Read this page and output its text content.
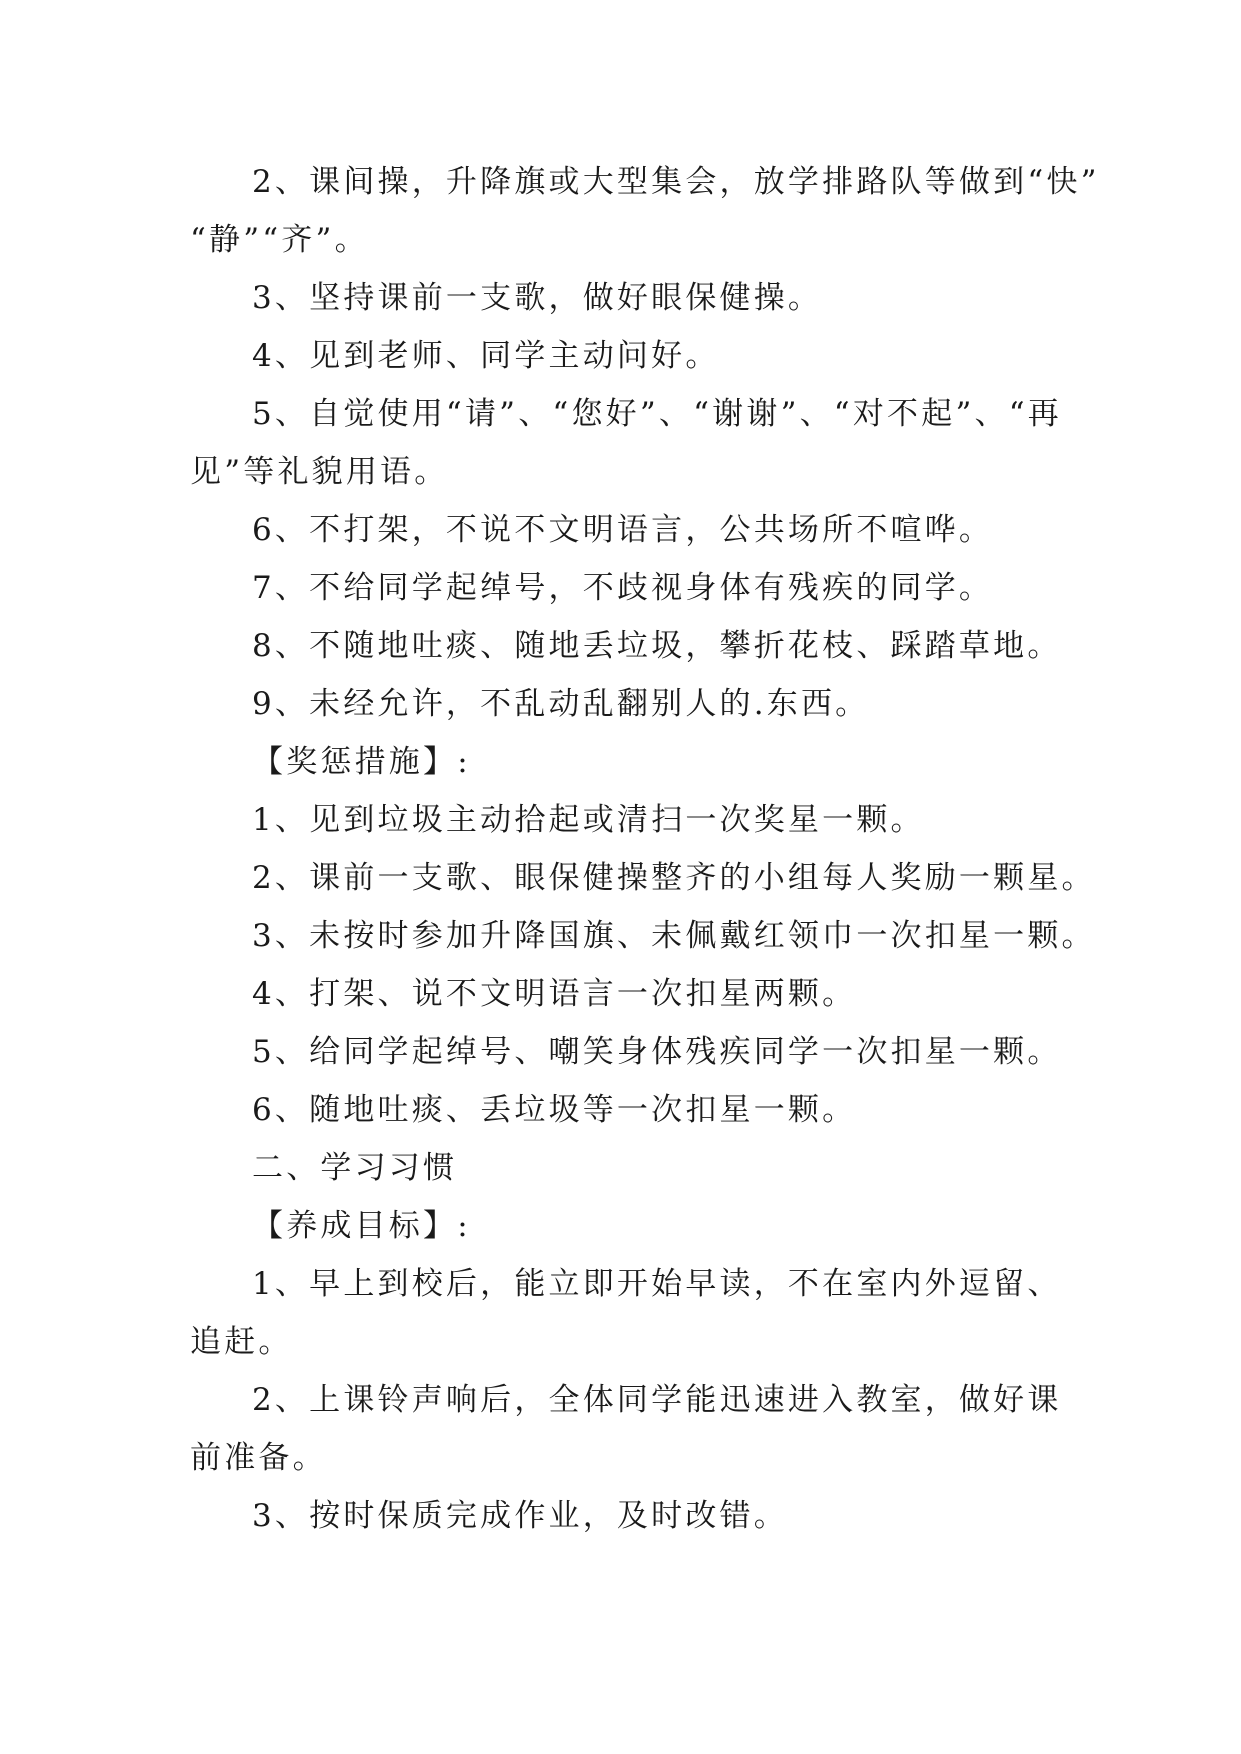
2、课间操，升降旗或大型集会，放学排路队等做到“快”
“静”“齐”。
3、坚持课前一支歌，做好眼保健操。
4、见到老师、同学主动问好。
5、自觉使用“请”、“您好”、“谢谢”、“对不起”、“再
见”等礼貌用语。
6、不打架，不说不文明语言，公共场所不喧哗。
7、不给同学起绰号，不歧视身体有残疾的同学。
8、不随地吐痰、随地丢垃圾，攀折花枝、踩踏草地。
9、未经允许，不乱动乱翻别人的.东西。
【奖惩措施】:
1、见到垃圾主动拾起或清扫一次奖星一颗。
2、课前一支歌、眼保健操整齐的小组每人奖励一颗星。
3、未按时参加升降国旗、未佩戴红领巾一次扣星一颗。
4、打架、说不文明语言一次扣星两颗。
5、给同学起绰号、嘲笑身体残疾同学一次扣星一颗。
6、随地吐痰、丢垃圾等一次扣星一颗。
二、学习习惯
【养成目标】:
1、早上到校后，能立即开始早读，不在室内外逗留、
追赶。
2、上课铃声响后，全体同学能迅速进入教室，做好课
前准备。
3、按时保质完成作业，及时改错。
